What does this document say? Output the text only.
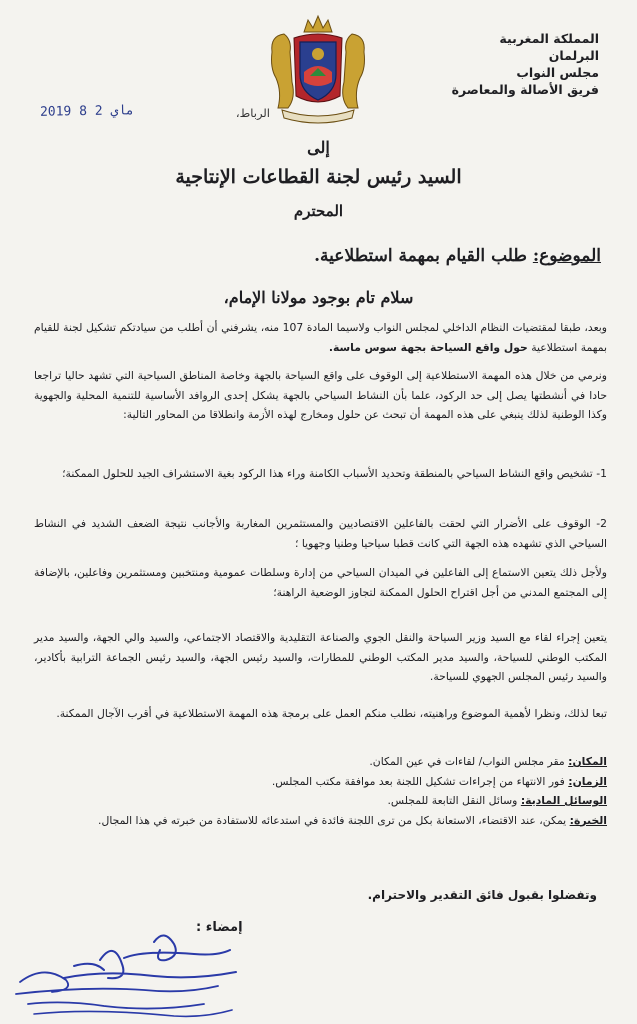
المملكة المغربية
البرلمان
مجلس النواب
فريق الأصالة والمعاصرة
2019 ماي 2 8	الرباط،
إلى
السيد رئيس لجنة القطاعات الإنتاجية
المحترم
الموضوع: طلب القيام بمهمة استطلاعية.
سلام تام بوجود مولانا الإمام،
وبعد، طبقا لمقتضيات النظام الداخلي لمجلس النواب ولاسيما المادة 107 منه، يشرفني أن أطلب من سيادتكم تشكيل لجنة للقيام بمهمة استطلاعية حول واقع السياحة بجهة سوس ماسة.
ونرمي من خلال هذه المهمة الاستطلاعية إلى الوقوف على واقع السياحة بالجهة وخاصة المناطق السياحية التي تشهد حاليا تراجعا حادا في أنشطتها يصل إلى حد الركود، علما بأن النشاط السياحي بالجهة يشكل إحدى الروافد الأساسية للتنمية المحلية والجهوية وكذا الوطنية لذلك ينبغي على هذه المهمة أن تبحث عن حلول ومخارج لهذه الأزمة وانطلاقا من المحاور التالية:
1- تشخيص واقع النشاط السياحي بالمنطقة وتحديد الأسباب الكامنة وراء هذا الركود بغية الاستشراف الجيد للحلول الممكنة؛
2- الوقوف على الأضرار التي لحقت بالفاعلين الاقتصاديين والمستثمرين المغاربة والأجانب نتيجة الضعف الشديد في النشاط السياحي الذي تشهده هذه الجهة التي كانت قطبا سياحيا وطنيا وجهويا ؛
ولأجل ذلك يتعين الاستماع إلى الفاعلين في الميدان السياحي من إدارة وسلطات عمومية ومنتخبين ومستثمرين وفاعلين، بالإضافة إلى المجتمع المدني من أجل اقتراح الحلول الممكنة لتجاوز الوضعية الراهنة؛
يتعين إجراء لقاء مع السيد وزير السياحة والنقل الجوي والصناعة التقليدية والاقتصاد الاجتماعي، والسيد والي الجهة، والسيد مدير المكتب الوطني للسياحة، والسيد مدير المكتب الوطني للمطارات، والسيد رئيس الجهة، والسيد رئيس الجماعة الترابية بأكادير، والسيد رئيس المجلس الجهوي للسياحة.
تبعا لذلك، ونظرا لأهمية الموضوع وراهنيته، نطلب منكم العمل على برمجة هذه المهمة الاستطلاعية في أقرب الآجال الممكنة.

المكان: مقر مجلس النواب/ لقاءات في عين المكان.

الزمان: فور الانتهاء من إجراءات تشكيل اللجنة بعد موافقة مكتب المجلس.

الوسائل المادية: وسائل النقل التابعة للمجلس.

الخبرة: يمكن، عند الاقتضاء، الاستعانة بكل من ترى اللجنة فائدة في استدعائه للاستفادة من خبرته في هذا المجال.

وتفضلوا بقبول فائق التقدير والاحترام.
إمضاء :
